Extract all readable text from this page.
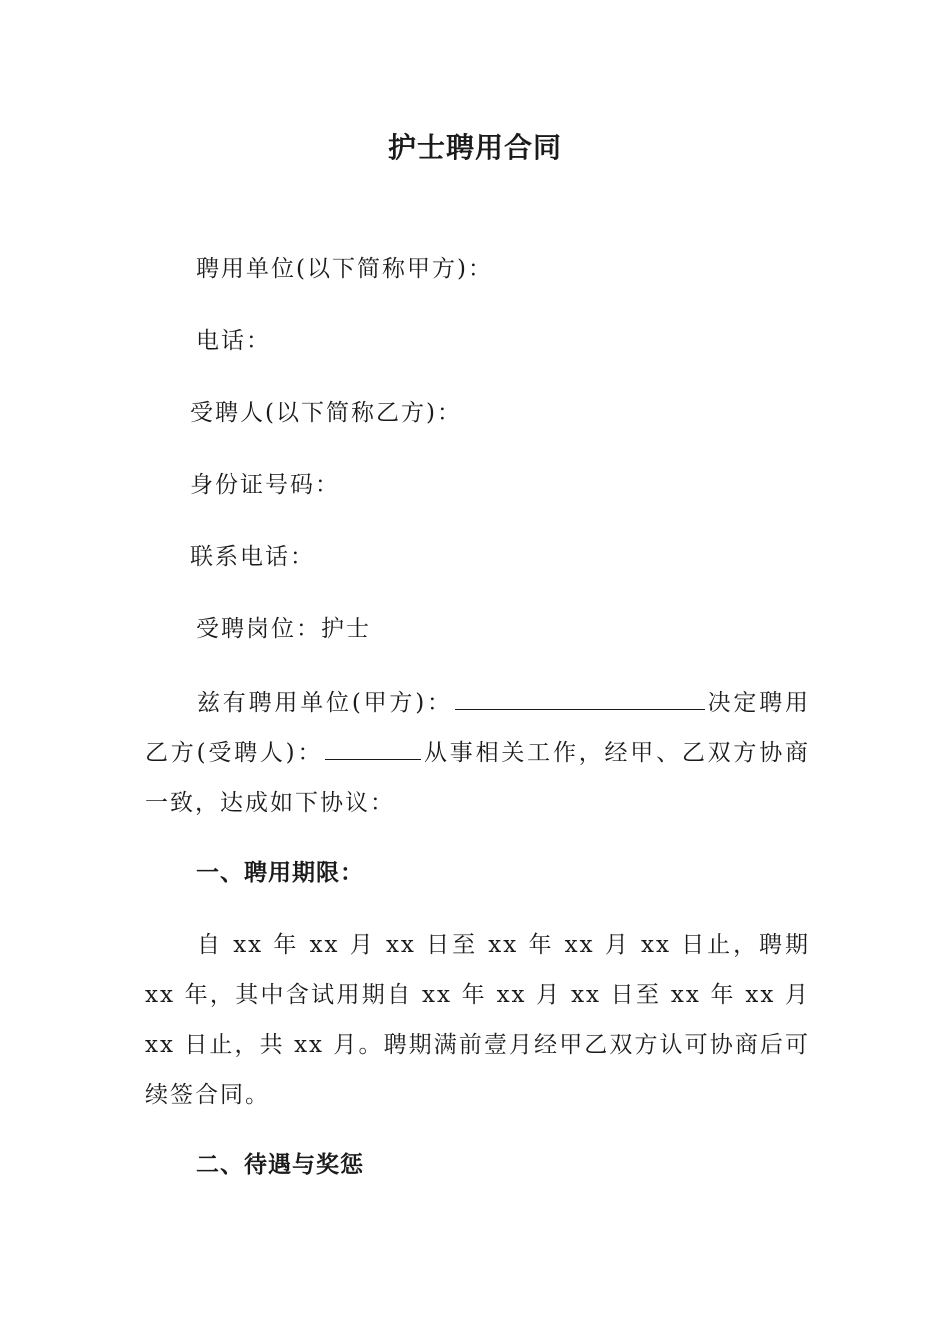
护士聘用合同
聘用单位(以下简称甲方)：
电话：
受聘人(以下简称乙方)：
身份证号码：
联系电话：
受聘岗位：护士
兹有聘用单位(甲方)：	决定聘用乙方(受聘人)：	从事相关工作，经甲、乙双方协商一致，达成如下协议：
一、聘用期限：
自 xx 年 xx 月 xx 日至 xx 年 xx 月 xx 日止，聘期 xx 年，其中含试用期自 xx 年 xx 月 xx 日至 xx 年 xx 月 xx 日止，共 xx 月。聘期满前壹月经甲乙双方认可协商后可续签合同。
二、待遇与奖惩
